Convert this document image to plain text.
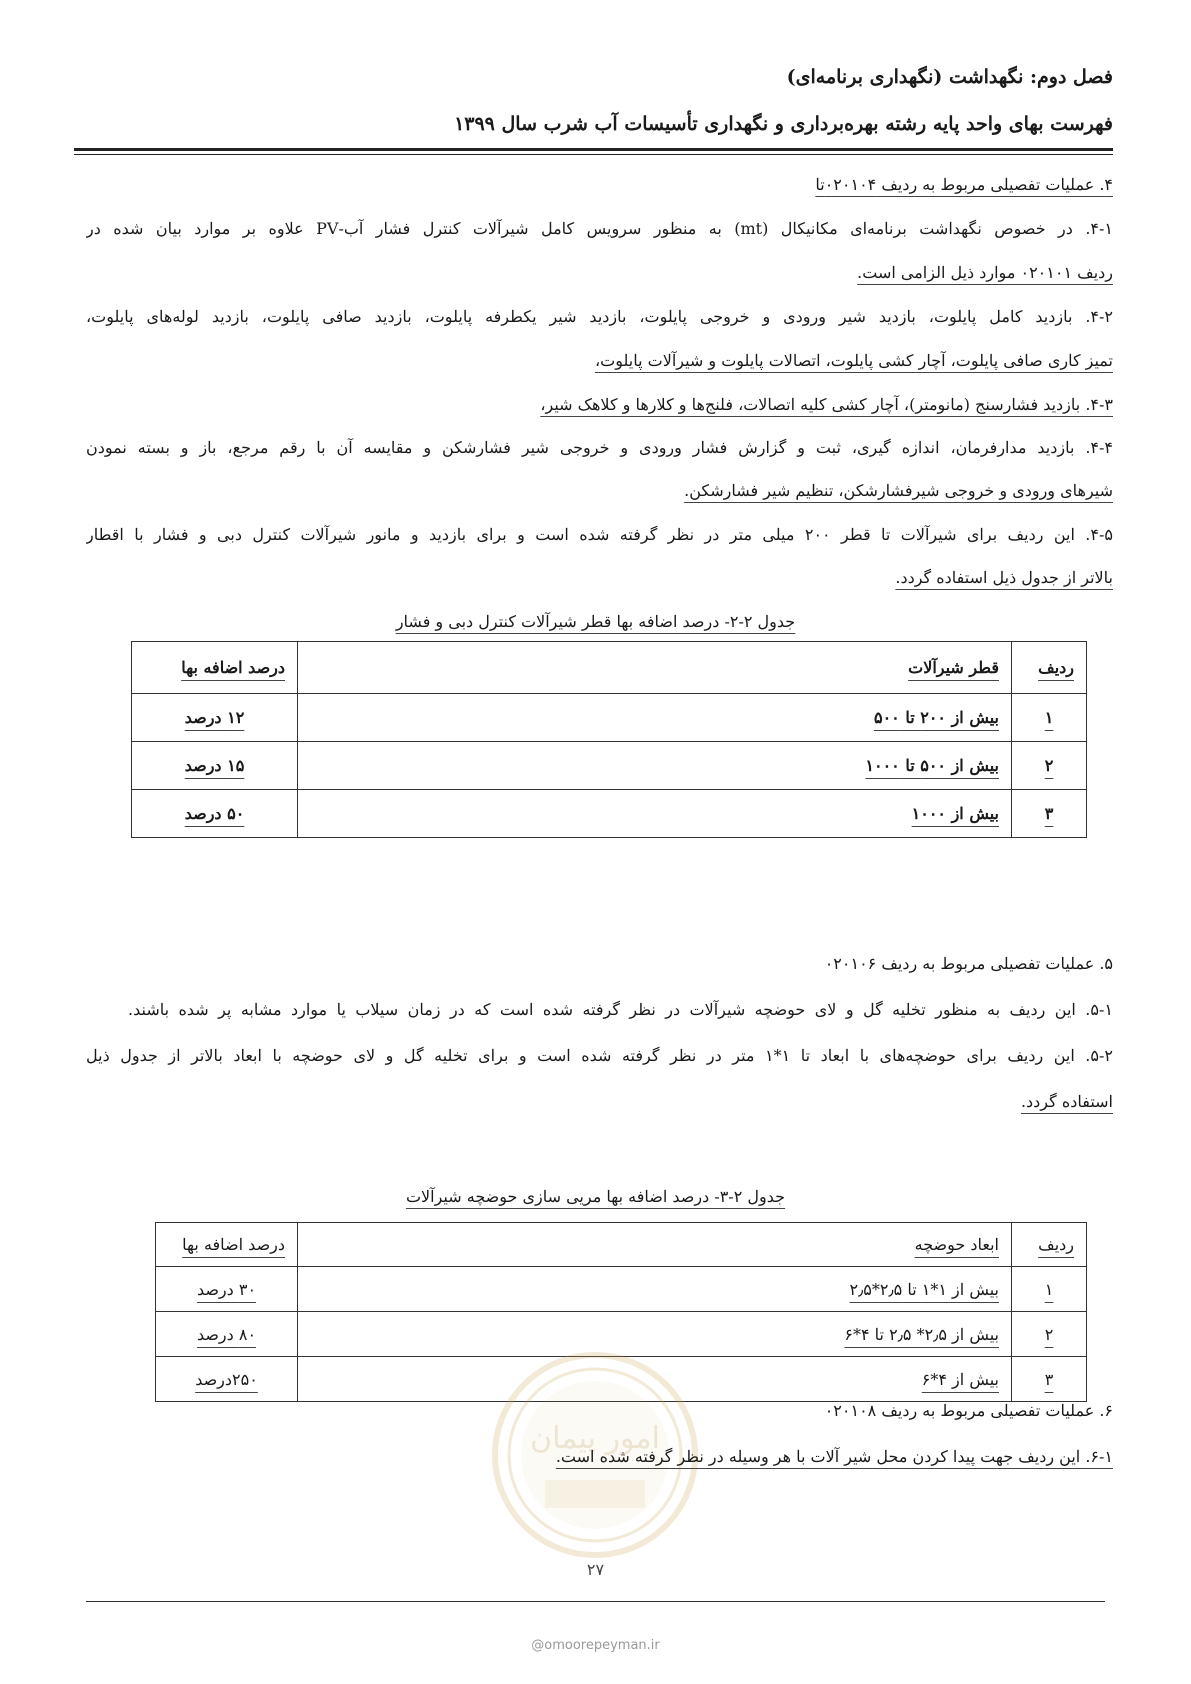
فصل دوم: نگهداشت (نگهداری برنامه‌ای)
فهرست بهای واحد پایه رشته بهره‌برداری و نگهداری تأسیسات آب شرب سال ۱۳۹۹
۴. عملیات تفصیلی مربوط به ردیف ۰۲۰۱۰۴تا
۴-۱. در خصوص نگهداشت برنامه‌ای مکانیکال (mt) به منظور سرویس کامل شیرآلات کنترل فشار آب-PV علاوه بر موارد بیان شده در
ردیف ۰۲۰۱۰۱ موارد ذیل الزامی است.
۴-۲. بازدید کامل پایلوت، بازدید شیر ورودی و خروجی پایلوت، بازدید شیر یکطرفه پایلوت، بازدید صافی پایلوت، بازدید لوله‌های پایلوت،
تمیز کاری صافی پایلوت، آچار کشی پایلوت، اتصالات پایلوت و شیرآلات پایلوت،
۴-۳. بازدید فشارسنج (مانومتر)، آچار کشی کلیه اتصالات، فلنج‌ها و کلارها و کلاهک شیر،
۴-۴. بازدید مدارفرمان، اندازه گیری، ثبت و گزارش فشار ورودی و خروجی شیر فشارشکن و مقایسه آن با رقم مرجع، باز و بسته نمودن
شیرهای ورودی و خروجی شیرفشارشکن، تنظیم شیر فشارشکن.
۴-۵. این ردیف برای شیرآلات تا قطر ۲۰۰ میلی متر در نظر گرفته شده است و برای بازدید و مانور شیرآلات کنترل دبی و فشار با اقطار
بالاتر از جدول ذیل استفاده گردد.
جدول ۲-۲- درصد اضافه بها قطر شیرآلات کنترل دبی و فشار
ردیف	قطر شیرآلات	درصد اضافه بها
۱	بیش از ۲۰۰ تا ۵۰۰	۱۲ درصد
۲	بیش از ۵۰۰ تا ۱۰۰۰	۱۵ درصد
۳	بیش از ۱۰۰۰	۵۰ درصد
۵. عملیات تفصیلی مربوط به ردیف ۰۲۰۱۰۶
۵-۱. این ردیف به منظور تخلیه گل و لای حوضچه شیرآلات در نظر گرفته شده است که در زمان سیلاب یا موارد مشابه پر شده باشند.
۵-۲. این ردیف برای حوضچه‌های با ابعاد تا ۱*۱ متر در نظر گرفته شده است و برای تخلیه گل و لای حوضچه با ابعاد بالاتر از جدول ذیل
استفاده گردد.
جدول ۲-۳- درصد اضافه بها مریی سازی حوضچه شیرآلات
ردیف	ابعاد حوضچه	درصد اضافه بها
۱	بیش از ۱*۱ تا ۲٫۵*۲٫۵	۳۰ درصد
۲	بیش از ۲٫۵* ۲٫۵ تا ۴*۶	۸۰ درصد
۳	بیش از ۴*۶	۲۵۰درصد
امور پیمان
۶. عملیات تفصیلی مربوط به ردیف ۰۲۰۱۰۸
۶-۱. این ردیف جهت پیدا کردن محل شیر آلات با هر وسیله در نظر گرفته شده است.
۲۷
@omoorepeyman.ir
